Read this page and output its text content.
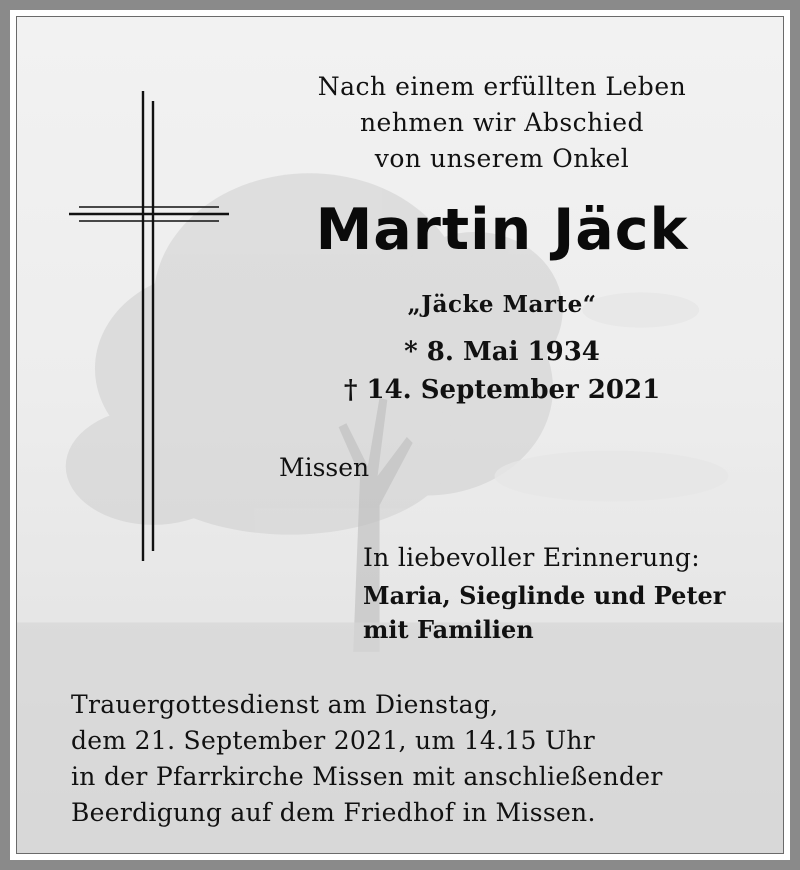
Nach einem erfüllten Leben
nehmen wir Abschied
von unserem Onkel
Martin Jäck
„Jäcke Marte“
* 8. Mai 1934
† 14. September 2021
Missen
In liebevoller Erinnerung:
Maria, Sieglinde und Peter
mit Familien
Trauergottesdienst am Dienstag,
dem 21. September 2021, um 14.15 Uhr
in der Pfarrkirche Missen mit anschließender
Beerdigung auf dem Friedhof in Missen.
